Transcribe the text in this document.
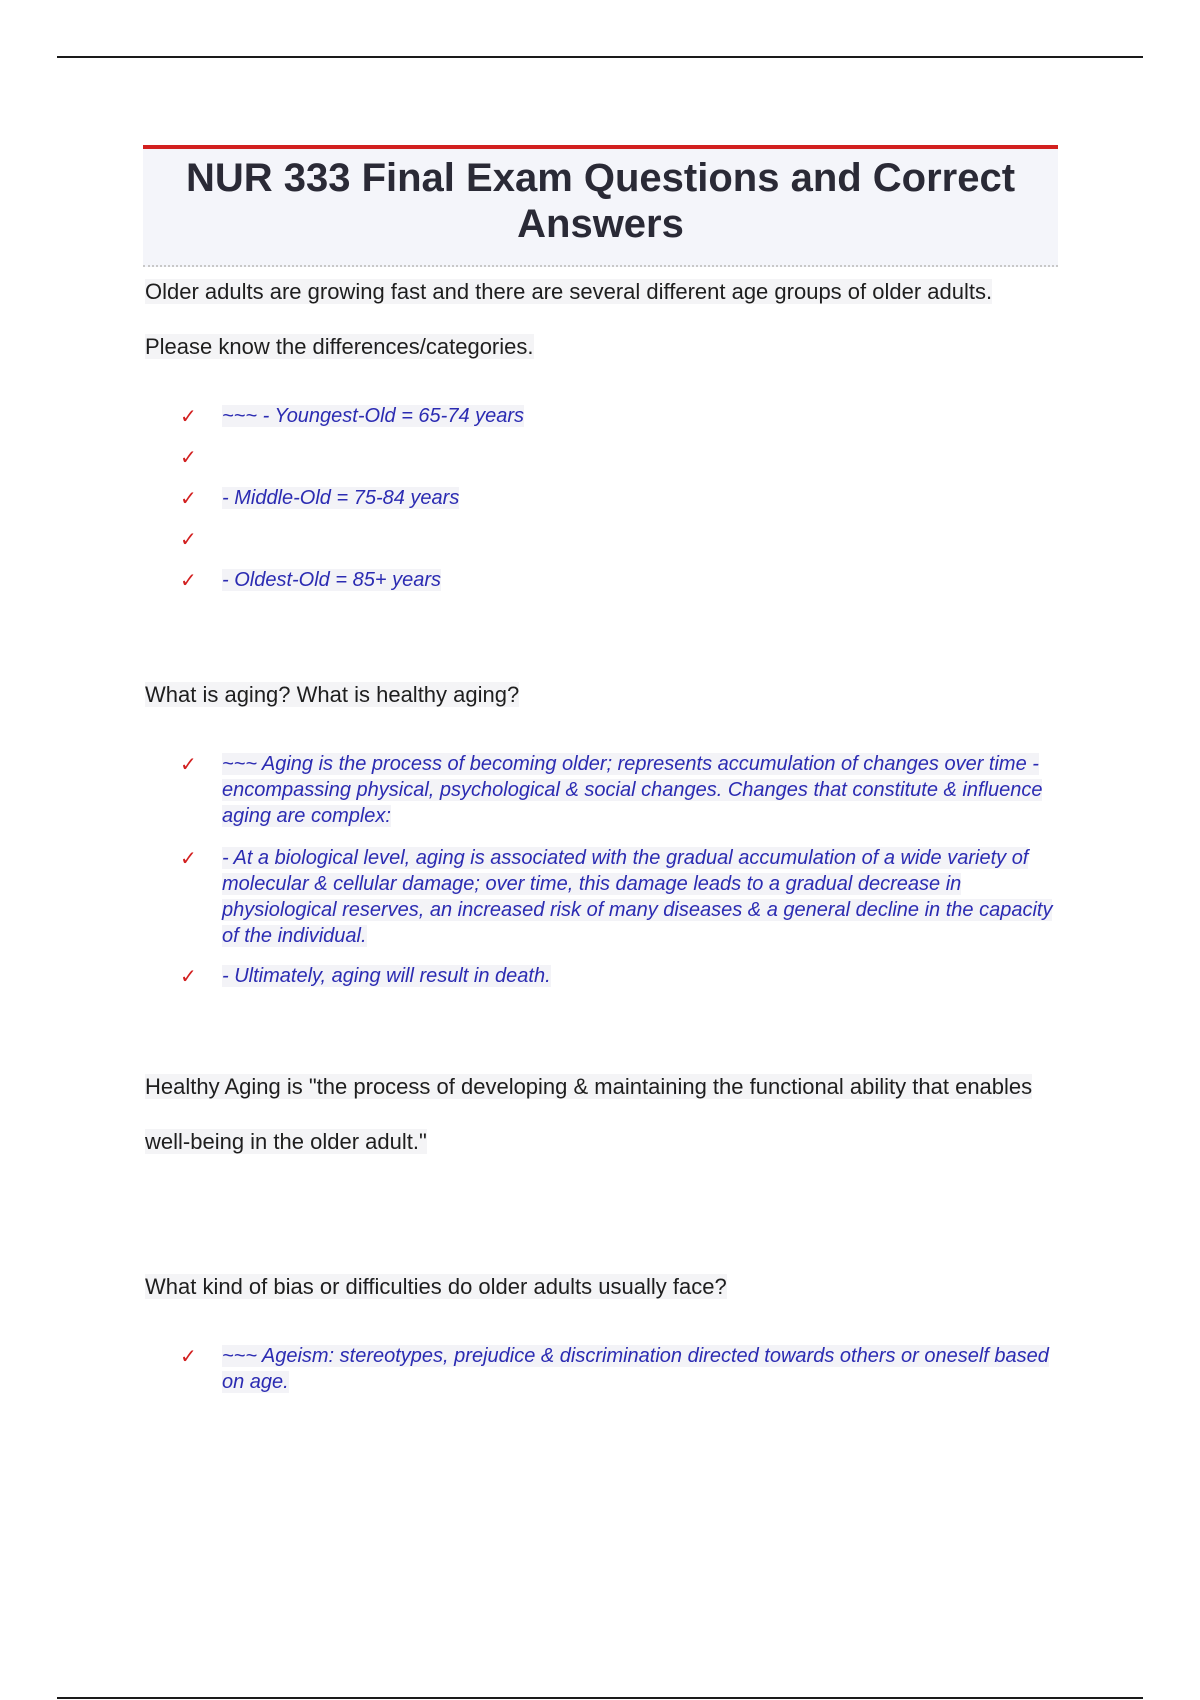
NUR 333 Final Exam Questions and Correct Answers

Older adults are growing fast and there are several different age groups of older adults. Please know the differences/categories.

✓ ~~~ - Youngest-Old = 65-74 years
✓
✓ - Middle-Old = 75-84 years
✓
✓ - Oldest-Old = 85+ years

What is aging? What is healthy aging?

✓ ~~~ Aging is the process of becoming older; represents accumulation of changes over time - encompassing physical, psychological & social changes. Changes that constitute & influence aging are complex:
✓ - At a biological level, aging is associated with the gradual accumulation of a wide variety of molecular & cellular damage; over time, this damage leads to a gradual decrease in physiological reserves, an increased risk of many diseases & a general decline in the capacity of the individual.
✓ - Ultimately, aging will result in death.

Healthy Aging is "the process of developing & maintaining the functional ability that enables well-being in the older adult."

What kind of bias or difficulties do older adults usually face?

✓ ~~~ Ageism: stereotypes, prejudice & discrimination directed towards others or oneself based on age.
